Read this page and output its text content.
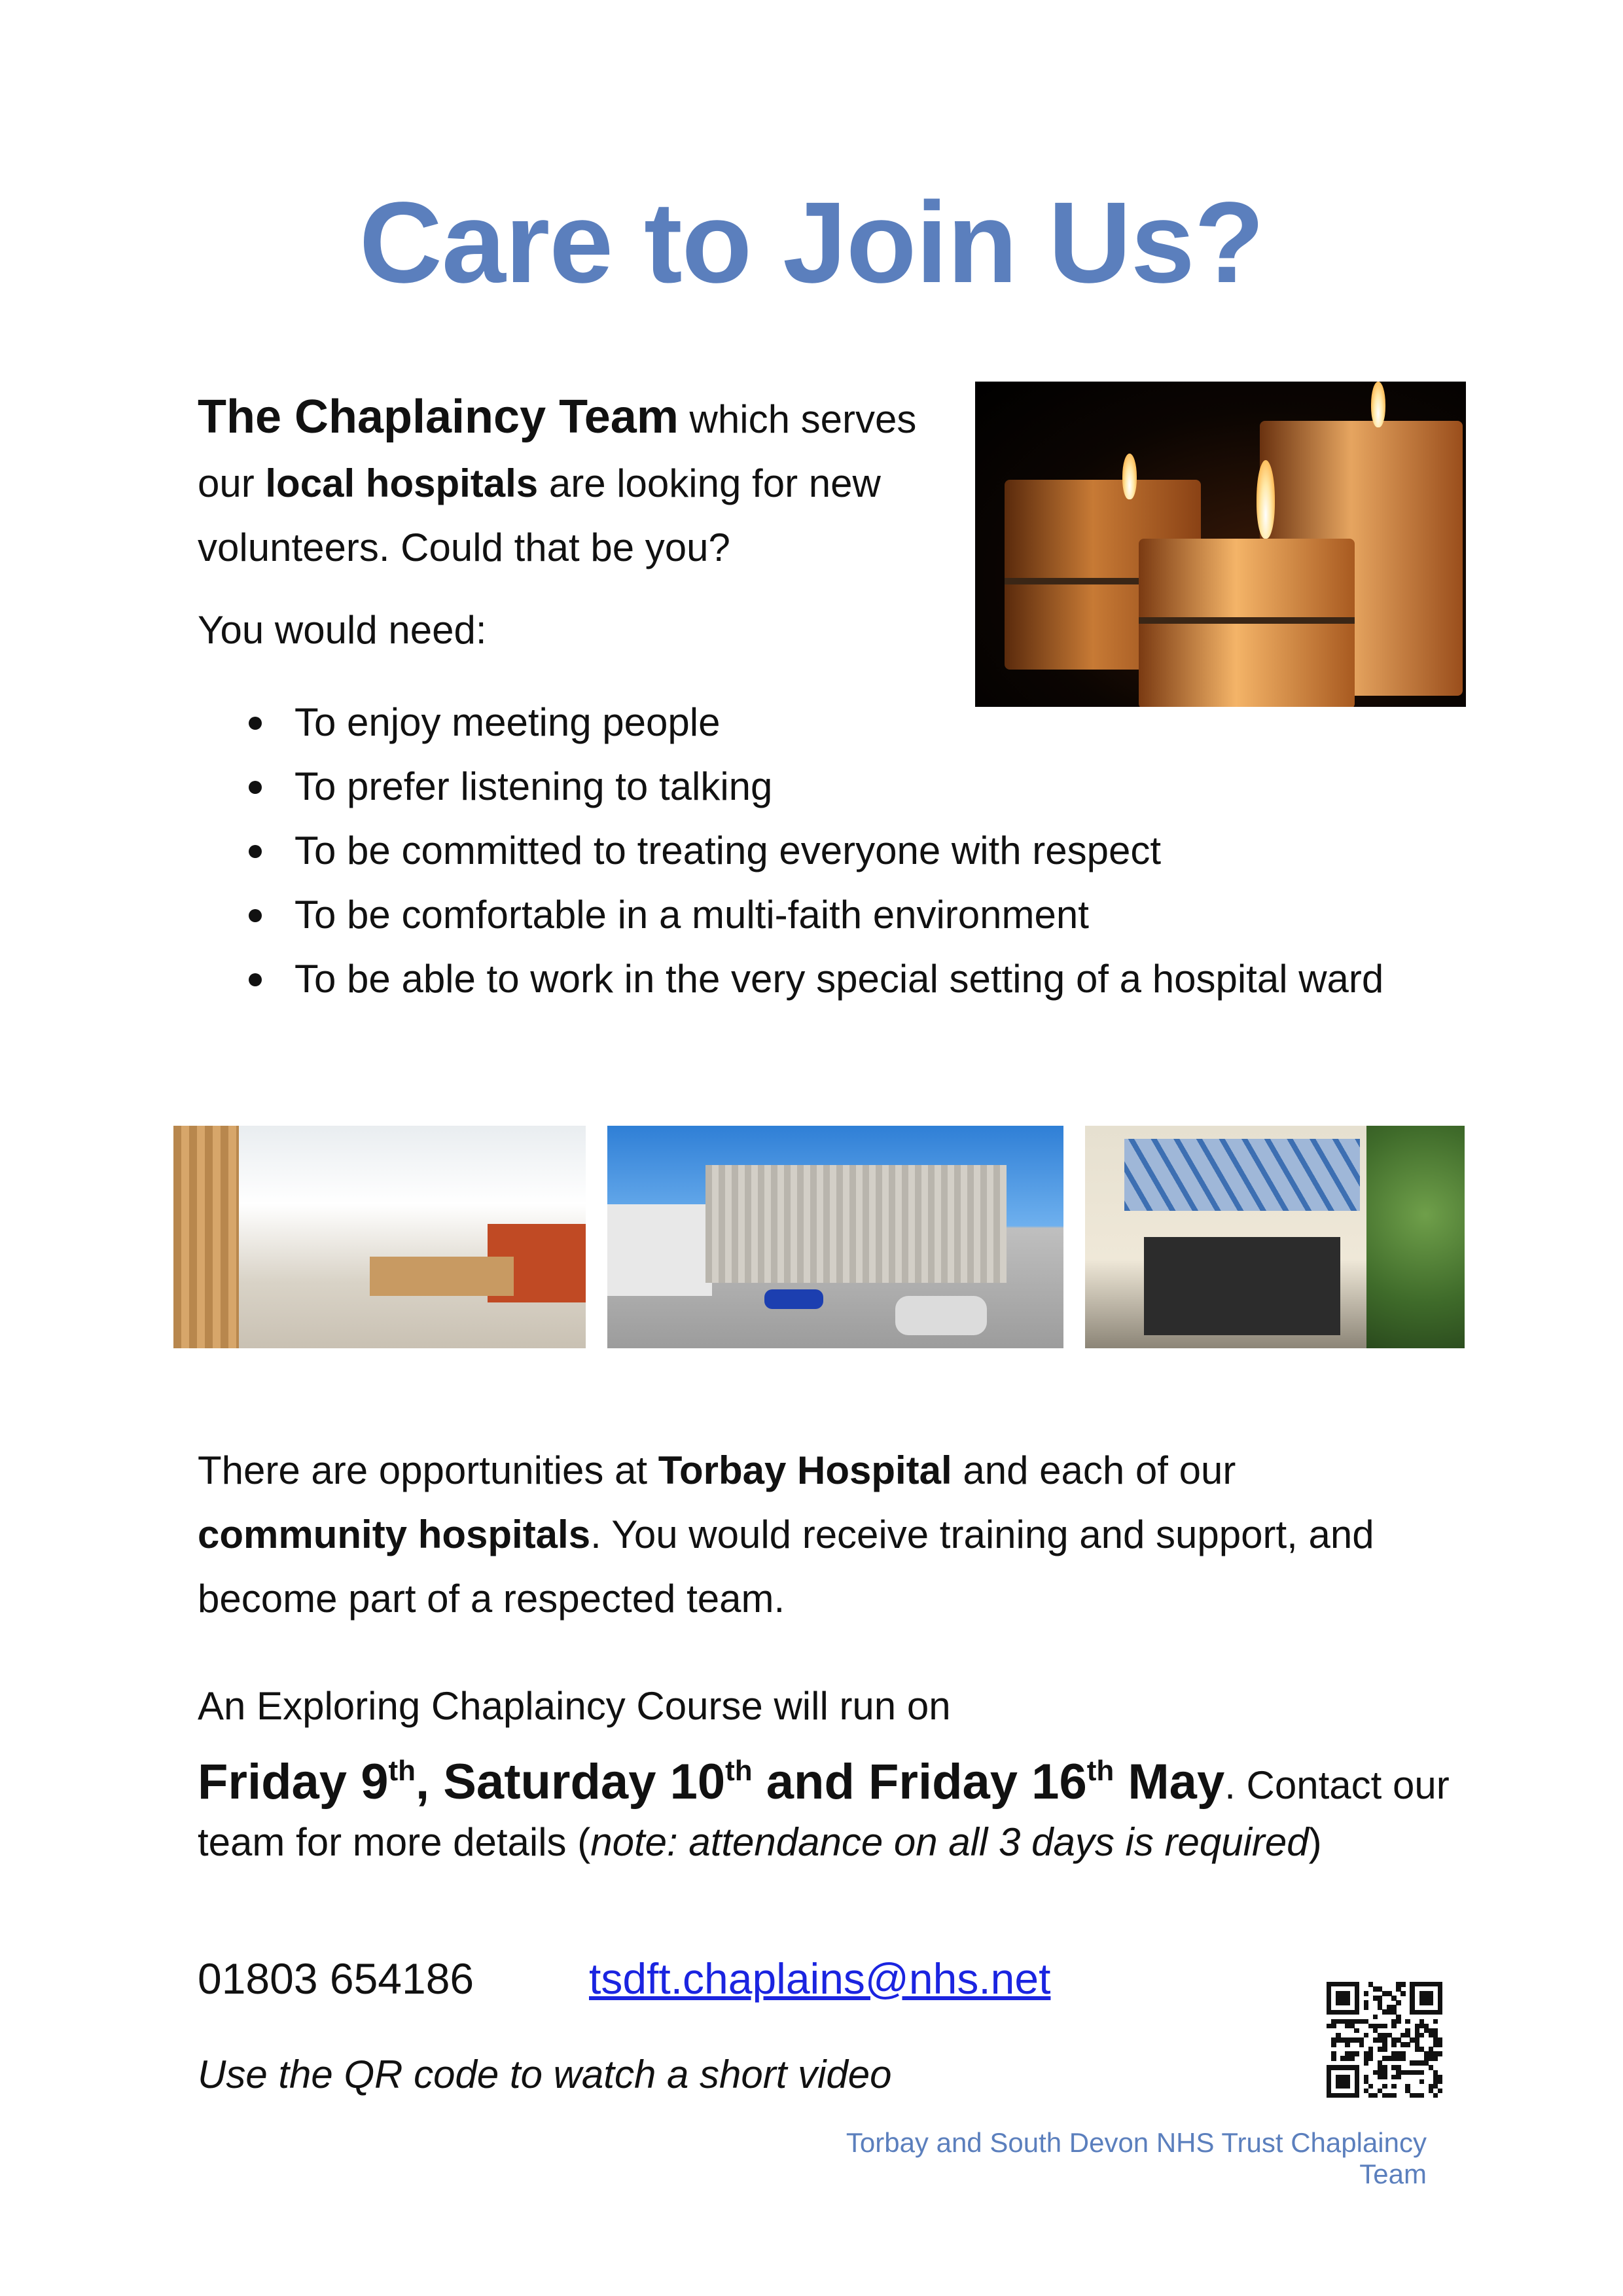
Care to Join Us?
The Chaplaincy Team which serves
our local hospitals are looking for new
volunteers. Could that be you?
You would need:
To enjoy meeting people
To prefer listening to talking
To be committed to treating everyone with respect
To be comfortable in a multi-faith environment
To be able to work in the very special setting of a hospital ward
There are opportunities at Torbay Hospital and each of our
community hospitals. You would receive training and support, and
become part of a respected team.
An Exploring Chaplaincy Course will run on
Friday 9th, Saturday 10th and Friday 16th May. Contact our
team for more details (note: attendance on all 3 days is required)
01803 654186	tsdft.chaplains@nhs.net
Use the QR code to watch a short video
Torbay and South Devon NHS Trust Chaplaincy Team
